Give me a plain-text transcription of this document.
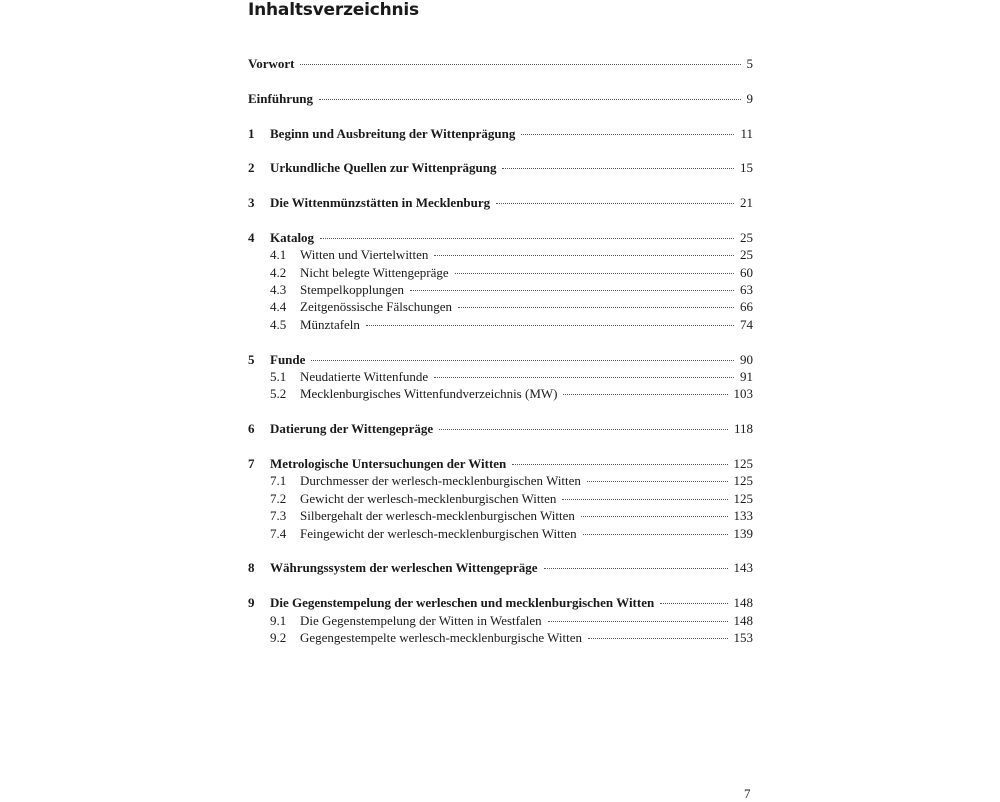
Inhaltsverzeichnis
Vorwort	5
Einführung	9
1	Beginn und Ausbreitung der Wittenprägung	11
2	Urkundliche Quellen zur Wittenprägung	15
3	Die Wittenmünzstätten in Mecklenburg	21
4	Katalog	25
4.1	Witten und Viertelwitten	25
4.2	Nicht belegte Wittengepräge	60
4.3	Stempelkopplungen	63
4.4	Zeitgenössische Fälschungen	66
4.5	Münztafeln	74
5	Funde	90
5.1	Neudatierte Wittenfunde	91
5.2	Mecklenburgisches Wittenfundverzeichnis (MW)	103
6	Datierung der Wittengepräge	118
7	Metrologische Untersuchungen der Witten	125
7.1	Durchmesser der werlesch-mecklenburgischen Witten	125
7.2	Gewicht der werlesch-mecklenburgischen Witten	125
7.3	Silbergehalt der werlesch-mecklenburgischen Witten	133
7.4	Feingewicht der werlesch-mecklenburgischen Witten	139
8	Währungssystem der werleschen Wittengepräge	143
9	Die Gegenstempelung der werleschen und mecklenburgischen Witten	148
9.1	Die Gegenstempelung der Witten in Westfalen	148
9.2	Gegengestempelte werlesch-mecklenburgische Witten	153
7
